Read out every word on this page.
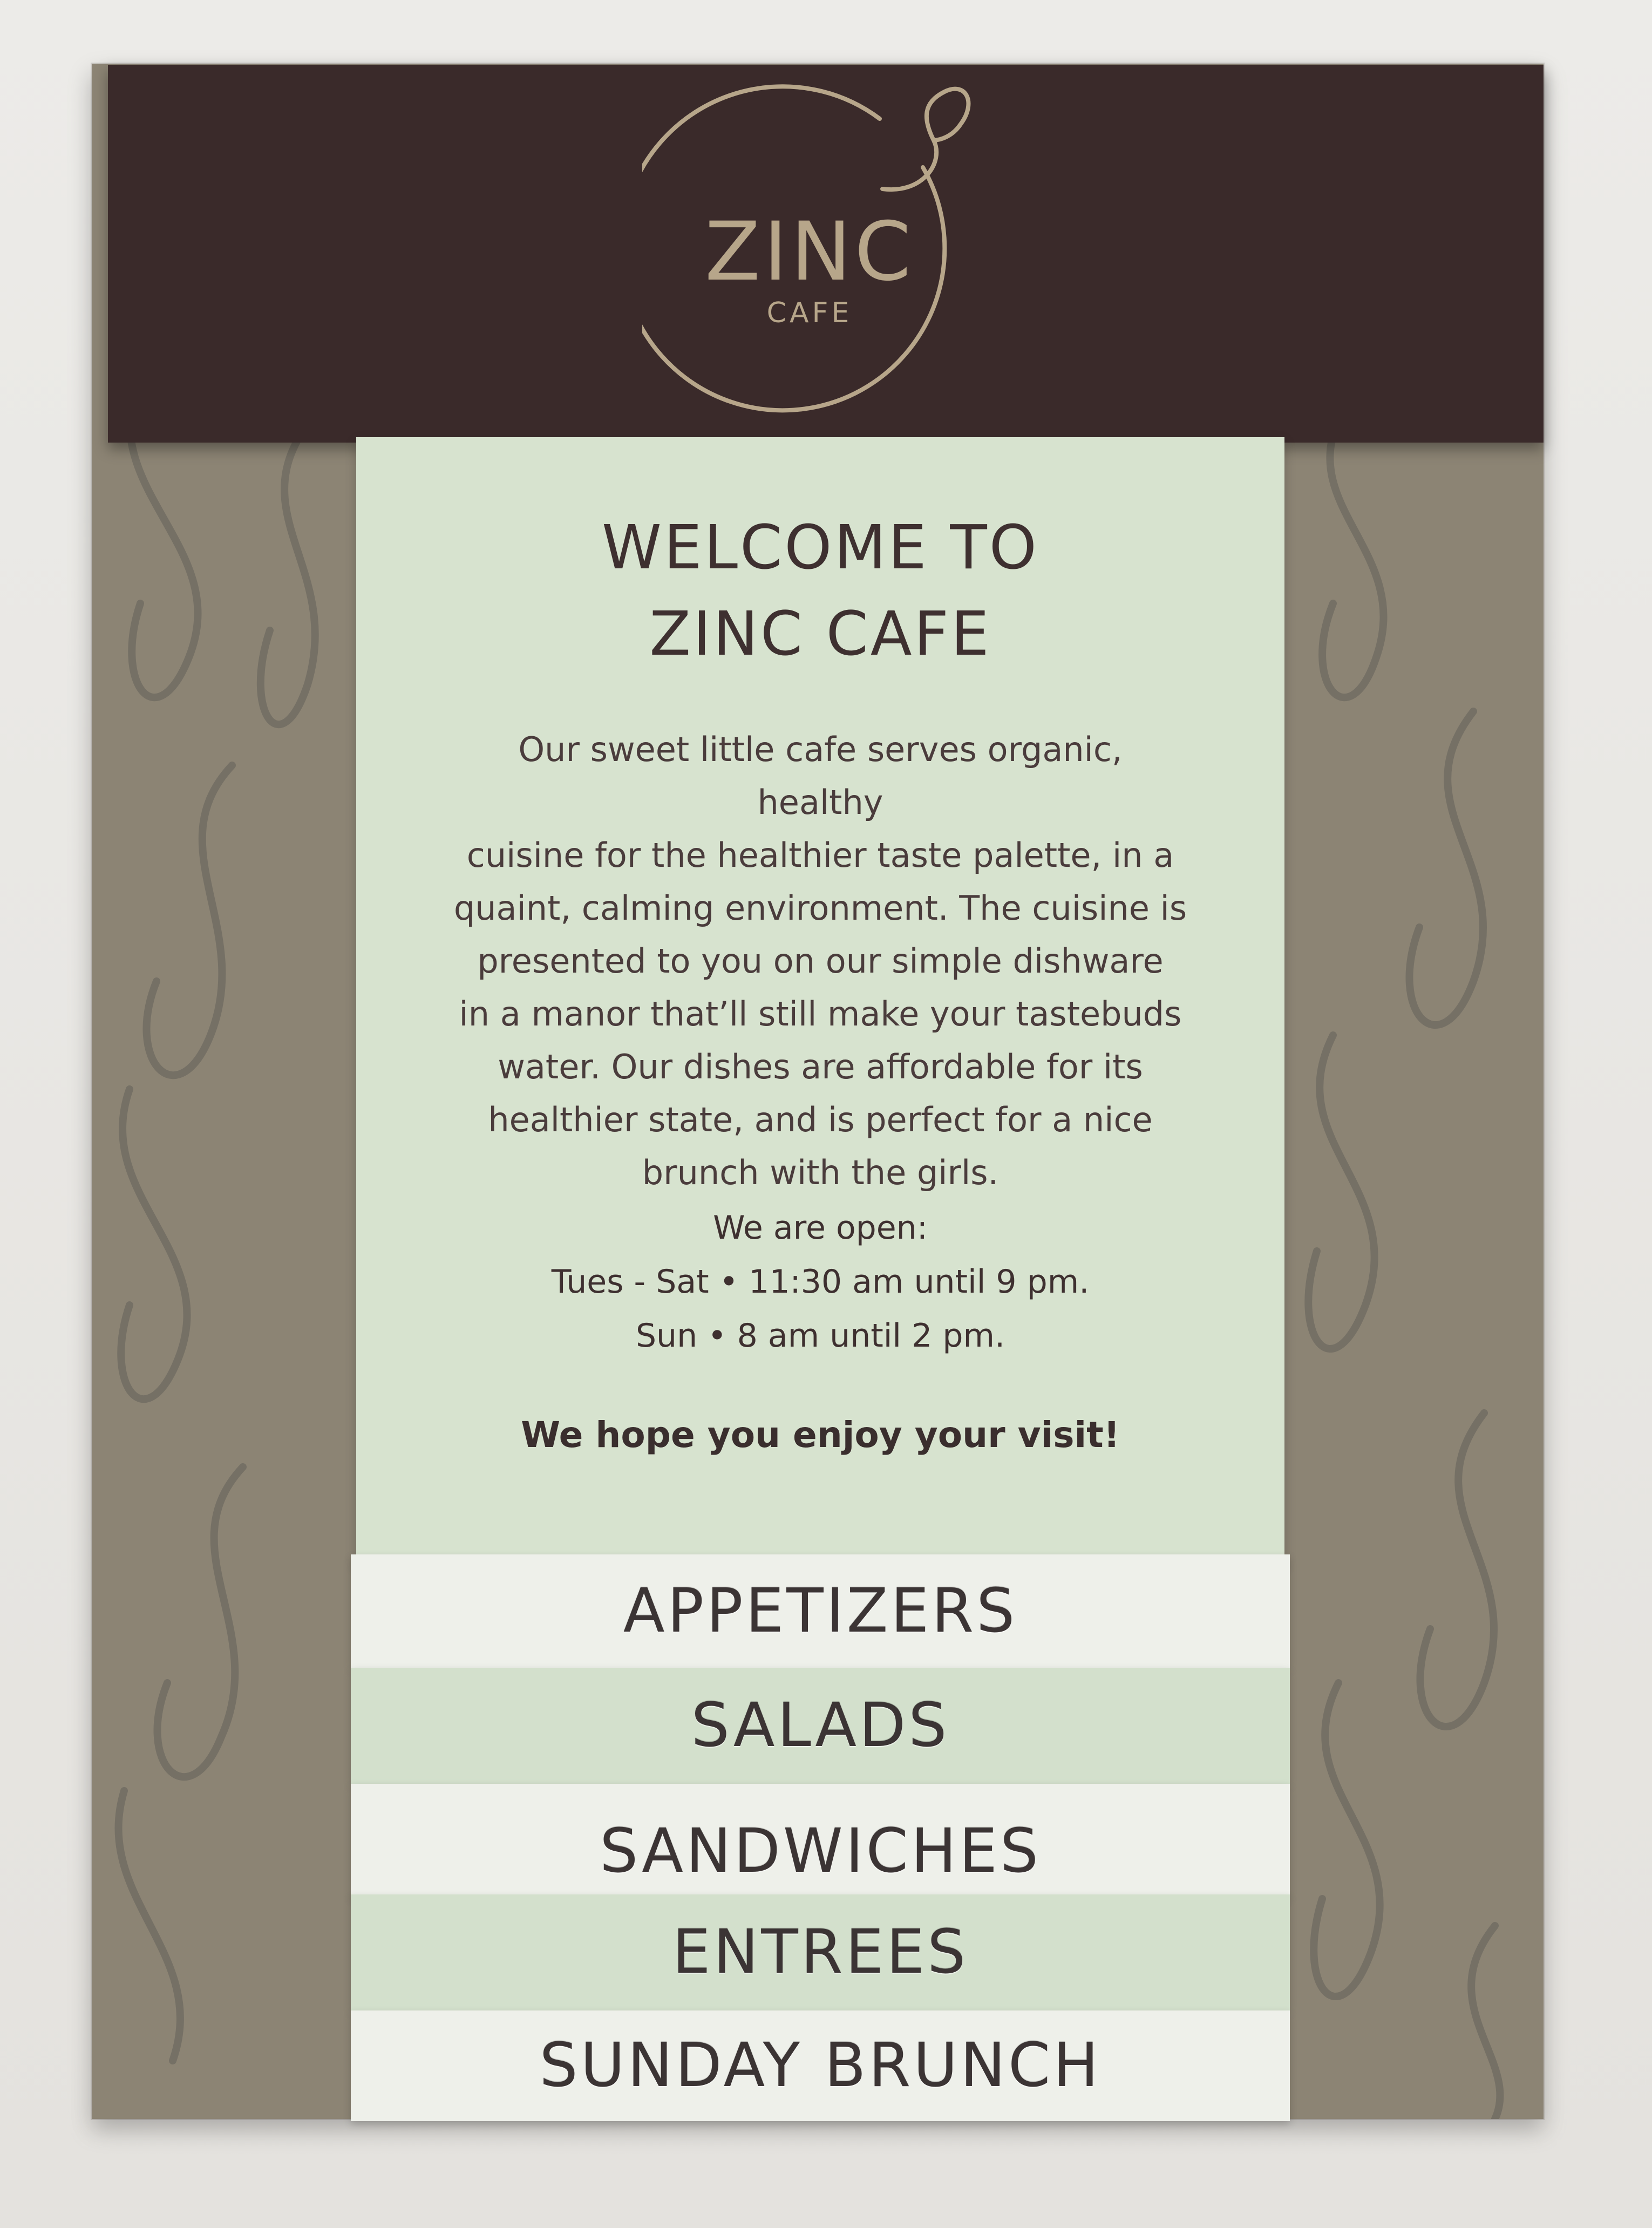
ZINC
CAFE
WELCOME TO
ZINC CAFE
Our sweet little cafe serves organic, healthy
cuisine for the healthier taste palette, in a
quaint, calming environment. The cuisine is
presented to you on our simple dishware
in a manor that’ll still make your tastebuds
water. Our dishes are affordable for its
healthier state, and is perfect for a nice
brunch with the girls.
We are open:
Tues - Sat • 11:30 am until 9 pm.
Sun • 8 am until 2 pm.
We hope you enjoy your visit!
APPETIZERS
SALADS
SANDWICHES
ENTREES
SUNDAY BRUNCH
